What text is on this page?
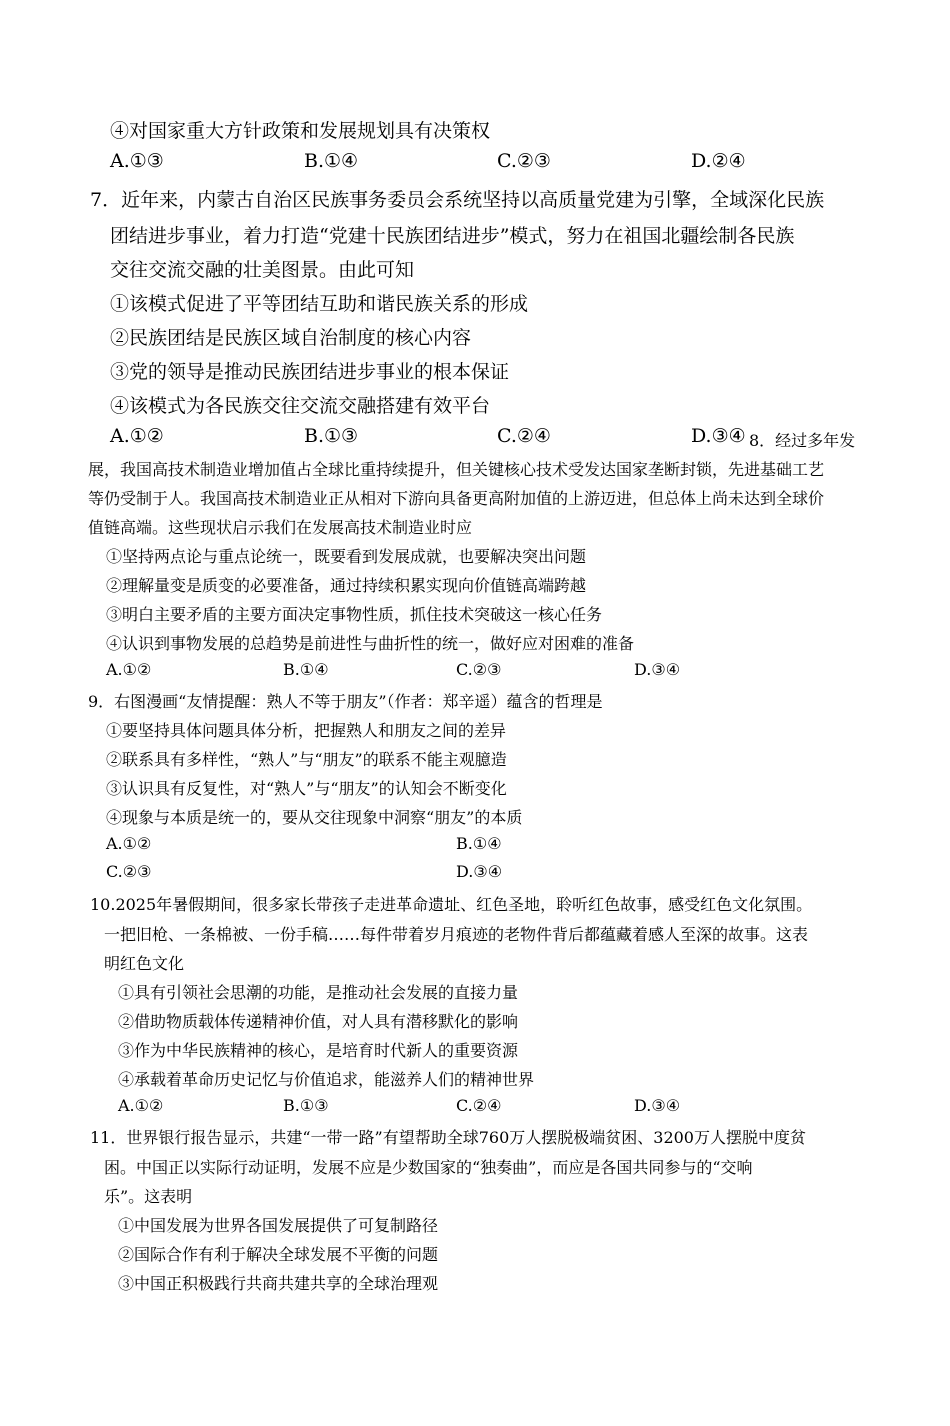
④对国家重大方针政策和发展规划具有决策权
A.①③	B.①④	C.②③	D.②④
7．近年来，内蒙古自治区民族事务委员会系统坚持以高质量党建为引擎，全域深化民族
团结进步事业，着力打造“党建十民族团结进步”模式，努力在祖国北疆绘制各民族
交往交流交融的壮美图景。由此可知
①该模式促进了平等团结互助和谐民族关系的形成
②民族团结是民族区域自治制度的核心内容
③党的领导是推动民族团结进步事业的根本保证
④该模式为各民族交往交流交融搭建有效平台
A.①②	B.①③	C.②④	D.③④ 8．经过多年发
展，我国高技术制造业增加值占全球比重持续提升，但关键核心技术受发达国家垄断封锁，先进基础工艺
等仍受制于人。我国高技术制造业正从相对下游向具备更高附加值的上游迈进，但总体上尚未达到全球价
值链高端。这些现状启示我们在发展高技术制造业时应
①坚持两点论与重点论统一，既要看到发展成就，也要解决突出问题
②理解量变是质变的必要准备，通过持续积累实现向价值链高端跨越
③明白主要矛盾的主要方面决定事物性质，抓住技术突破这一核心任务
④认识到事物发展的总趋势是前进性与曲折性的统一，做好应对困难的准备
A.①②	B.①④	C.②③	D.③④
9．右图漫画“友情提醒：熟人不等于朋友”（作者：郑辛遥）蕴含的哲理是
①要坚持具体问题具体分析，把握熟人和朋友之间的差异
②联系具有多样性，“熟人”与“朋友”的联系不能主观臆造
③认识具有反复性，对“熟人”与“朋友”的认知会不断变化
④现象与本质是统一的，要从交往现象中洞察“朋友”的本质
A.①②	B.①④
C.②③	D.③④
10.2025年暑假期间，很多家长带孩子走进革命遗址、红色圣地，聆听红色故事，感受红色文化氛围。
一把旧枪、一条棉被、一份手稿……每件带着岁月痕迹的老物件背后都蕴藏着感人至深的故事。这表
明红色文化
①具有引领社会思潮的功能，是推动社会发展的直接力量
②借助物质载体传递精神价值，对人具有潜移默化的影响
③作为中华民族精神的核心，是培育时代新人的重要资源
④承载着革命历史记忆与价值追求，能滋养人们的精神世界
A.①②	B.①③	C.②④	D.③④
11．世界银行报告显示，共建“一带一路”有望帮助全球760万人摆脱极端贫困、3200万人摆脱中度贫
困。中国正以实际行动证明，发展不应是少数国家的“独奏曲”，而应是各国共同参与的“交响
乐”。这表明
①中国发展为世界各国发展提供了可复制路径
②国际合作有利于解决全球发展不平衡的问题
③中国正积极践行共商共建共享的全球治理观
